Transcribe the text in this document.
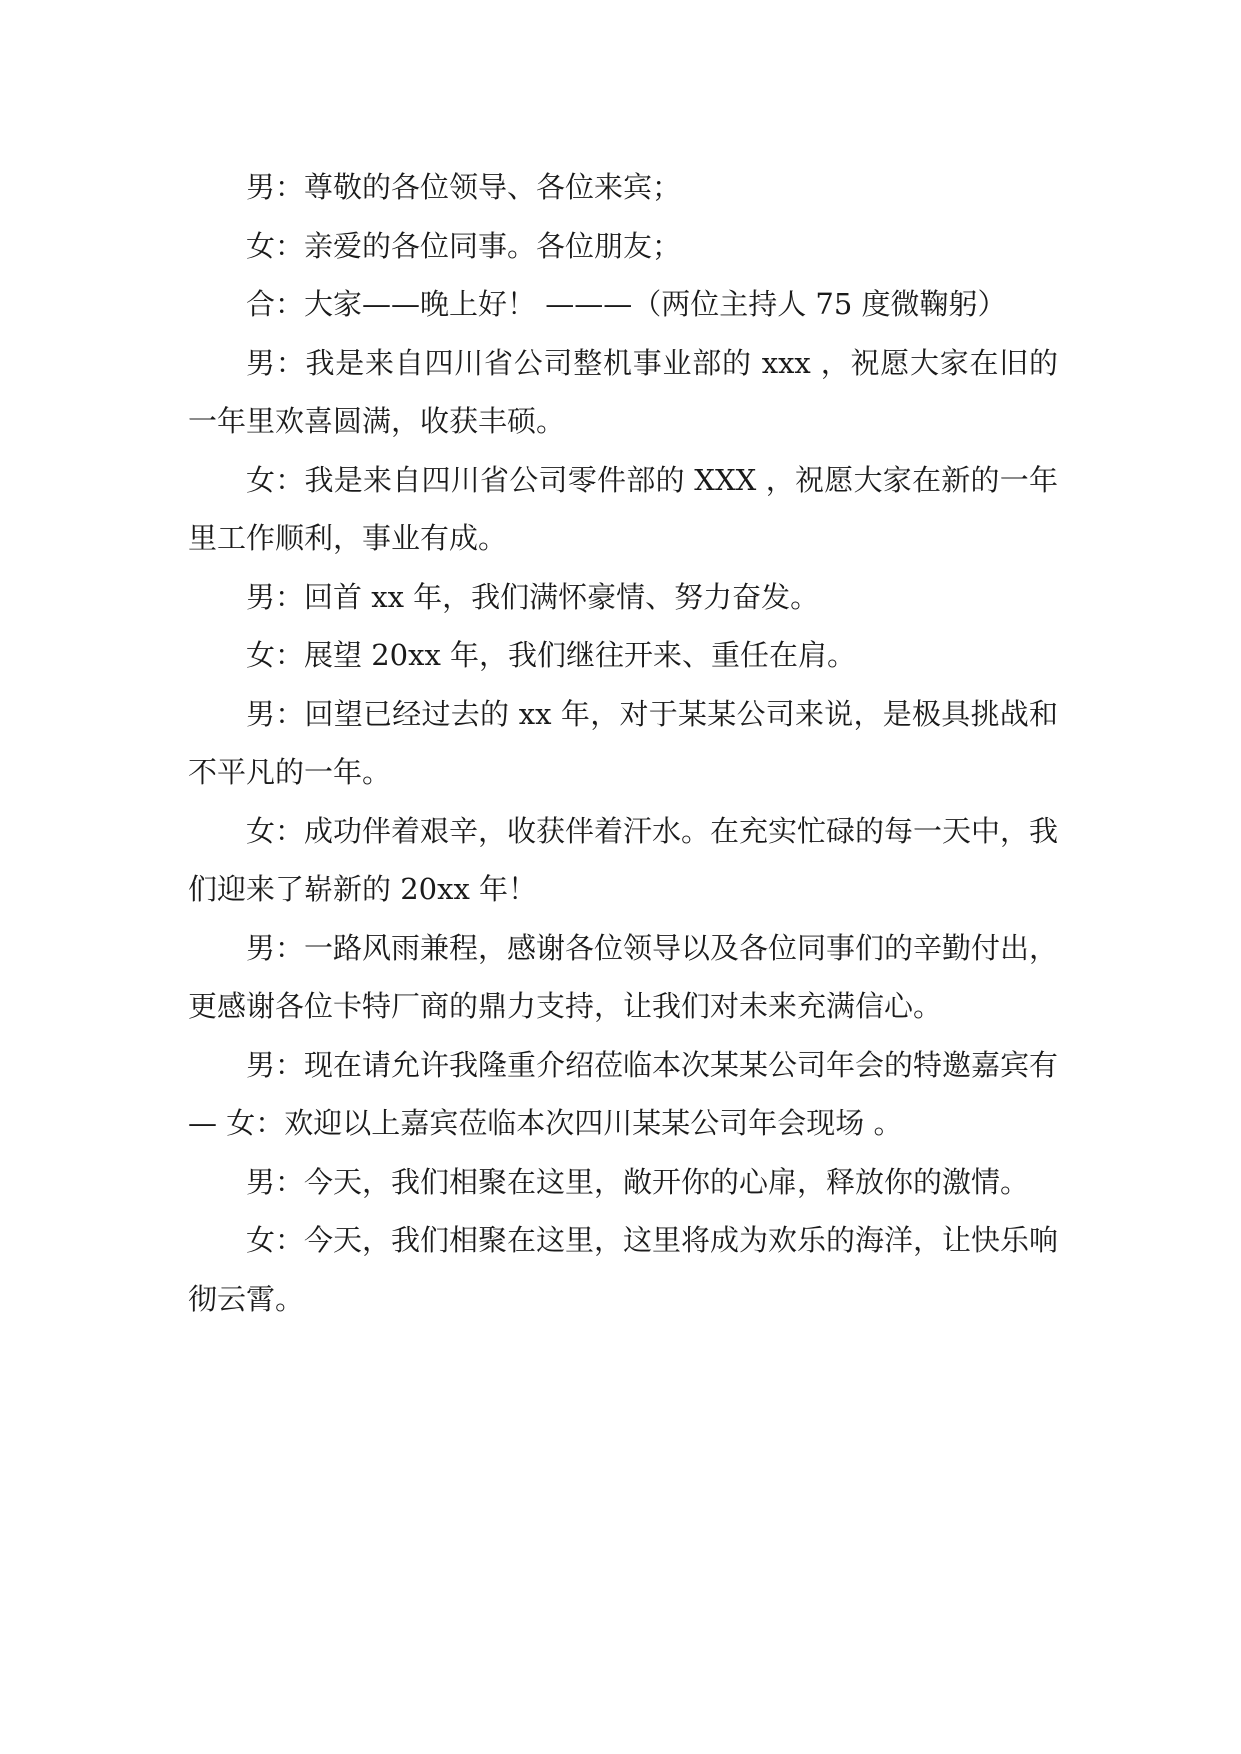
男：尊敬的各位领导、各位来宾；

女：亲爱的各位同事。各位朋友；

合：大家——晚上好！ ———（两位主持人 75 度微鞠躬）

男：我是来自四川省公司整机事业部的 xxx ，祝愿大家在旧的一年里欢喜圆满，收获丰硕。

女：我是来自四川省公司零件部的 XXX ，祝愿大家在新的一年里工作顺利，事业有成。

男：回首 xx 年，我们满怀豪情、努力奋发。

女：展望 20xx 年，我们继往开来、重任在肩。

男：回望已经过去的 xx 年，对于某某公司来说，是极具挑战和不平凡的一年。

女：成功伴着艰辛，收获伴着汗水。在充实忙碌的每一天中，我们迎来了崭新的 20xx 年！

男：一路风雨兼程，感谢各位领导以及各位同事们的辛勤付出，更感谢各位卡特厂商的鼎力支持，让我们对未来充满信心。

男：现在请允许我隆重介绍莅临本次某某公司年会的特邀嘉宾有— 女：欢迎以上嘉宾莅临本次四川某某公司年会现场 。

男：今天，我们相聚在这里，敞开你的心扉，释放你的激情。

女：今天，我们相聚在这里，这里将成为欢乐的海洋，让快乐响彻云霄。
